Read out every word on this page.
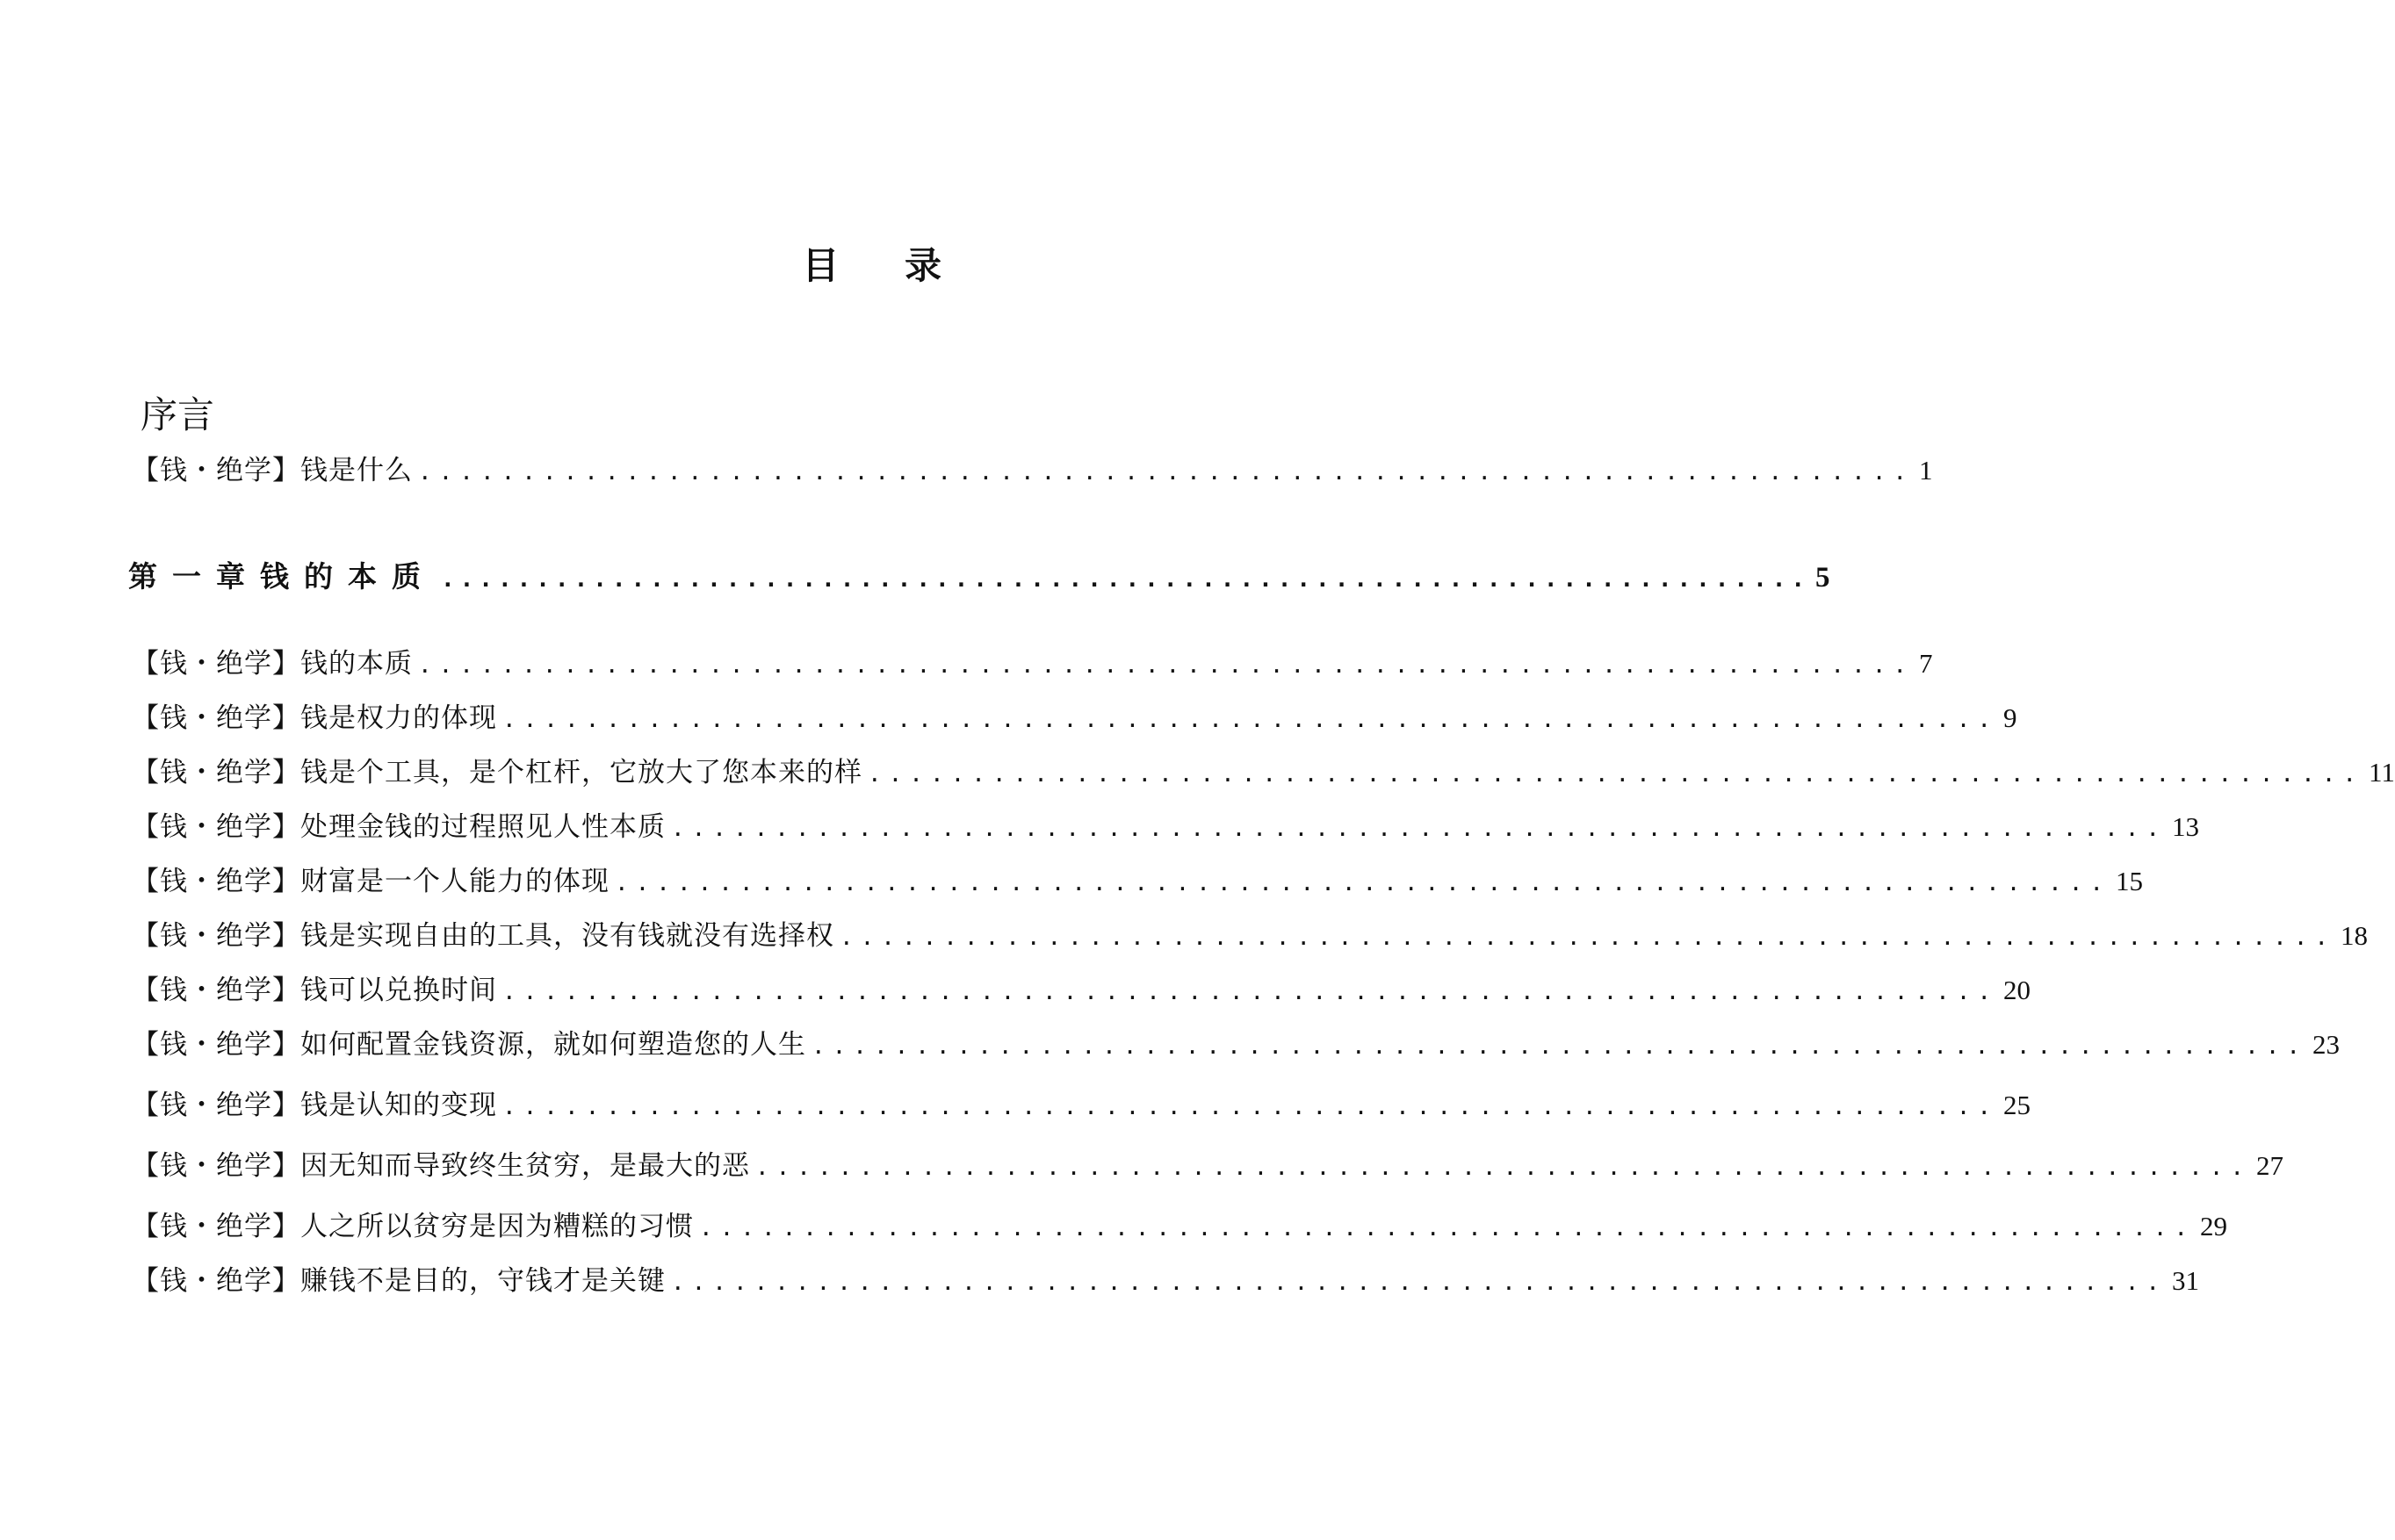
目 录
序言
【钱・绝学】钱是什么 ........................................................................ 1
第一章钱的本质 ........................................................................ 5
【钱・绝学】钱的本质 ........................................................................ 7
【钱・绝学】钱是权力的体现 ........................................................................ 9
【钱・绝学】钱是个工具，是个杠杆，它放大了您本来的样 ........................................................................ 11
【钱・绝学】处理金钱的过程照见人性本质 ........................................................................ 13
【钱・绝学】财富是一个人能力的体现 ........................................................................ 15
【钱・绝学】钱是实现自由的工具，没有钱就没有选择权 ........................................................................ 18
【钱・绝学】钱可以兑换时间 ........................................................................ 20
【钱・绝学】如何配置金钱资源，就如何塑造您的人生 ........................................................................ 23
【钱・绝学】钱是认知的变现 ........................................................................ 25
【钱・绝学】因无知而导致终生贫穷，是最大的恶 ........................................................................ 27
【钱・绝学】人之所以贫穷是因为糟糕的习惯 ........................................................................ 29
【钱・绝学】赚钱不是目的，守钱才是关键 ........................................................................ 31
